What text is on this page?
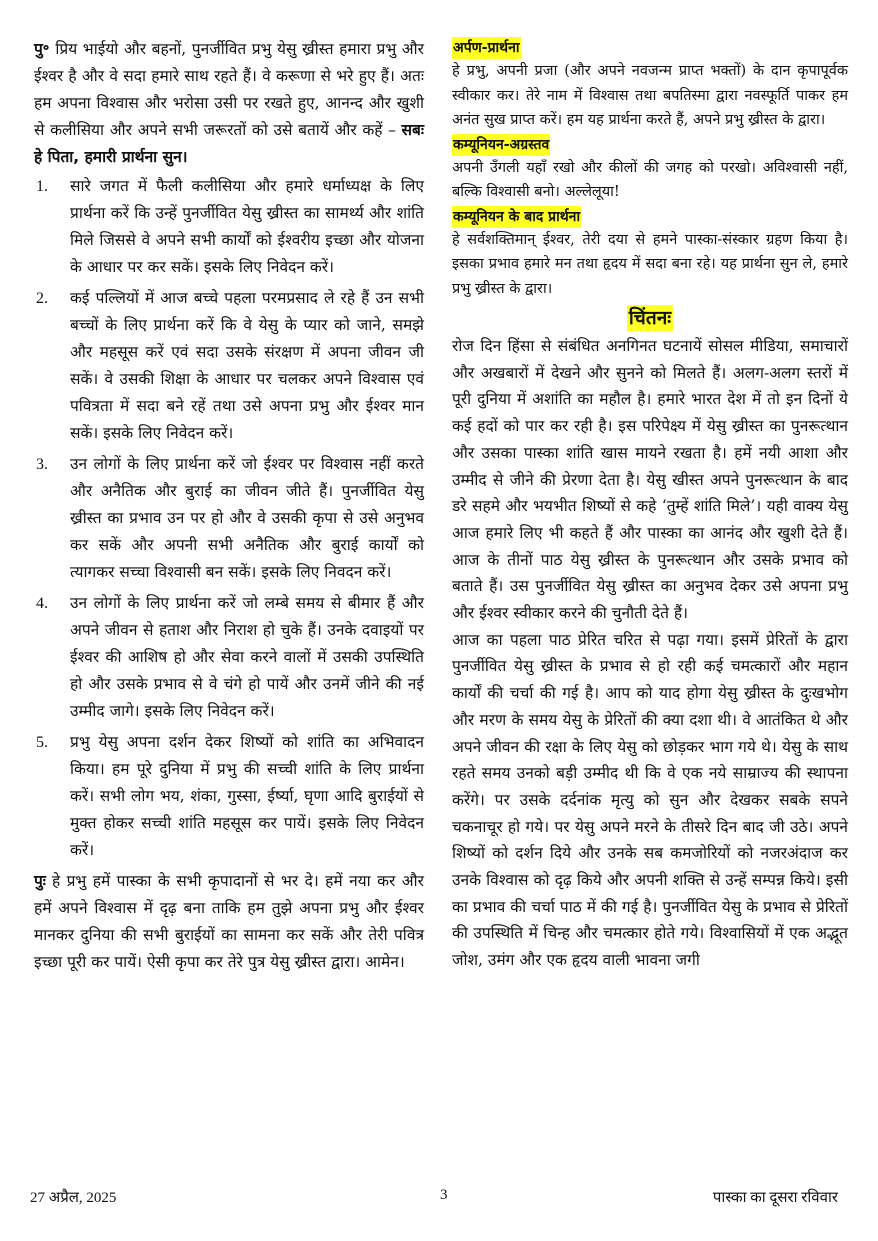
पु॰ प्रिय भाईयो और बहनों, पुनर्जीवित प्रभु येसु ख्रीस्त हमारा प्रभु और ईश्वर है और वे सदा हमारे साथ रहते हैं। वे करूणा से भरे हुए हैं। अतः हम अपना विश्वास और भरोसा उसी पर रखते हुए, आनन्द और खुशी से कलीसिया और अपने सभी जरूरतों को उसे बतायें और कहें – सबः हे पिता, हमारी प्रार्थना सुन।

1. सारे जगत में फैली कलीसिया और हमारे धर्माध्यक्ष के लिए प्रार्थना करें कि उन्हें पुनर्जीवित येसु ख्रीस्त का सामर्थ्य और शांति मिले जिससे वे अपने सभी कार्यों को ईश्वरीय इच्छा और योजना के आधार पर कर सकें। इसके लिए निवेदन करें।
2. कई पल्लियों में आज बच्चे पहला परमप्रसाद ले रहे हैं उन सभी बच्चों के लिए प्रार्थना करें कि वे येसु के प्यार को जाने, समझे और महसूस करें एवं सदा उसके संरक्षण में अपना जीवन जी सकें। वे उसकी शिक्षा के आधार पर चलकर अपने विश्वास एवं पवित्रता में सदा बने रहें तथा उसे अपना प्रभु और ईश्वर मान सकें। इसके लिए निवेदन करें।
3. उन लोगों के लिए प्रार्थना करें जो ईश्वर पर विश्वास नहीं करते और अनैतिक और बुराई का जीवन जीते हैं। पुनर्जीवित येसु ख्रीस्त का प्रभाव उन पर हो और वे उसकी कृपा से उसे अनुभव कर सकें और अपनी सभी अनैतिक और बुराई कार्यों को त्यागकर सच्चा विश्वासी बन सकें। इसके लिए निवदन करें।
4. उन लोगों के लिए प्रार्थना करें जो लम्बे समय से बीमार हैं और अपने जीवन से हताश और निराश हो चुके हैं। उनके दवाइयों पर ईश्वर की आशिष हो और सेवा करने वालों में उसकी उपस्थिति हो और उसके प्रभाव से वे चंगे हो पायें और उनमें जीने की नई उम्मीद जागे। इसके लिए निवेदन करें।
5. प्रभु येसु अपना दर्शन देकर शिष्यों को शांति का अभिवादन किया। हम पूरे दुनिया में प्रभु की सच्ची शांति के लिए प्रार्थना करें। सभी लोग भय, शंका, गुस्सा, ईर्ष्या, घृणा आदि बुराईयों से मुक्त होकर सच्ची शांति महसूस कर पायें। इसके लिए निवेदन करें।

पुः हे प्रभु हमें पास्का के सभी कृपादानों से भर दे। हमें नया कर और हमें अपने विश्वास में दृढ़ बना ताकि हम तुझे अपना प्रभु और ईश्वर मानकर दुनिया की सभी बुराईयों का सामना कर सकें और तेरी पवित्र इच्छा पूरी कर पायें। ऐसी कृपा कर तेरे पुत्र येसु ख्रीस्त द्वारा। आमेन।

अर्पण-प्रार्थना

हे प्रभु, अपनी प्रजा (और अपने नवजन्म प्राप्त भक्तों) के दान कृपापूर्वक स्वीकार कर। तेरे नाम में विश्वास तथा बपतिस्मा द्वारा नवस्फूर्ति पाकर हम अनंत सुख प्राप्त करें। हम यह प्रार्थना करते हैं, अपने प्रभु ख्रीस्त के द्वारा।

कम्यूनियन-अग्रस्तव

अपनी उँगली यहाँ रखो और कीलों की जगह को परखो। अविश्वासी नहीं, बल्कि विश्वासी बनो। अल्लेलूया!

कम्यूनियन के बाद प्रार्थना

हे सर्वशक्तिमान् ईश्वर, तेरी दया से हमने पास्का-संस्कार ग्रहण किया है। इसका प्रभाव हमारे मन तथा हृदय में सदा बना रहे। यह प्रार्थना सुन ले, हमारे प्रभु ख्रीस्त के द्वारा।

चिंतनः

रोज दिन हिंसा से संबंधित अनगिनत घटनायें सोसल मीडिया, समाचारों और अखबारों में देखने और सुनने को मिलते हैं। अलग-अलग स्तरों में पूरी दुनिया में अशांति का महौल है। हमारे भारत देश में तो इन दिनों ये कई हदों को पार कर रही है। इस परिपेक्ष्य में येसु ख्रीस्त का पुनरूत्थान और उसका पास्का शांति खास मायने रखता है। हमें नयी आशा और उम्मीद से जीने की प्रेरणा देता है। येसु खीस्त अपने पुनरूत्थान के बाद डरे सहमे और भयभीत शिष्यों से कहे ‘तुम्हें शांति मिले’। यही वाक्य येसु आज हमारे लिए भी कहते हैं और पास्का का आनंद और खुशी देते हैं। आज के तीनों पाठ येसु ख्रीस्त के पुनरूत्थान और उसके प्रभाव को बताते हैं। उस पुनर्जीवित येसु ख्रीस्त का अनुभव देकर उसे अपना प्रभु और ईश्वर स्वीकार करने की चुनौती देते हैं।

आज का पहला पाठ प्रेरित चरित से पढ़ा गया। इसमें प्रेरितों के द्वारा पुनर्जीवित येसु ख्रीस्त के प्रभाव से हो रही कई चमत्कारों और महान कार्यों की चर्चा की गई है। आप को याद होगा येसु ख्रीस्त के दुःखभोग और मरण के समय येसु के प्रेरितों की क्या दशा थी। वे आतंकित थे और अपने जीवन की रक्षा के लिए येसु को छोड़कर भाग गये थे। येसु के साथ रहते समय उनको बड़ी उम्मीद थी कि वे एक नये साम्राज्य की स्थापना करेंगे। पर उसके दर्दनांक मृत्यु को सुन और देखकर सबके सपने चकनाचूर हो गये। पर येसु अपने मरने के तीसरे दिन बाद जी उठे। अपने शिष्यों को दर्शन दिये और उनके सब कमजोरियों को नजरअंदाज कर उनके विश्वास को दृढ़ किये और अपनी शक्ति से उन्हें सम्पन्न किये। इसी का प्रभाव की चर्चा पाठ में की गई है। पुनर्जीवित येसु के प्रभाव से प्रेरितों की उपस्थिति में चिन्ह और चमत्कार होते गये। विश्वासियों में एक अद्भूत जोश, उमंग और एक हृदय वाली भावना जगी

27 अप्रैल, 2025	3	पास्का का दूसरा रविवार
